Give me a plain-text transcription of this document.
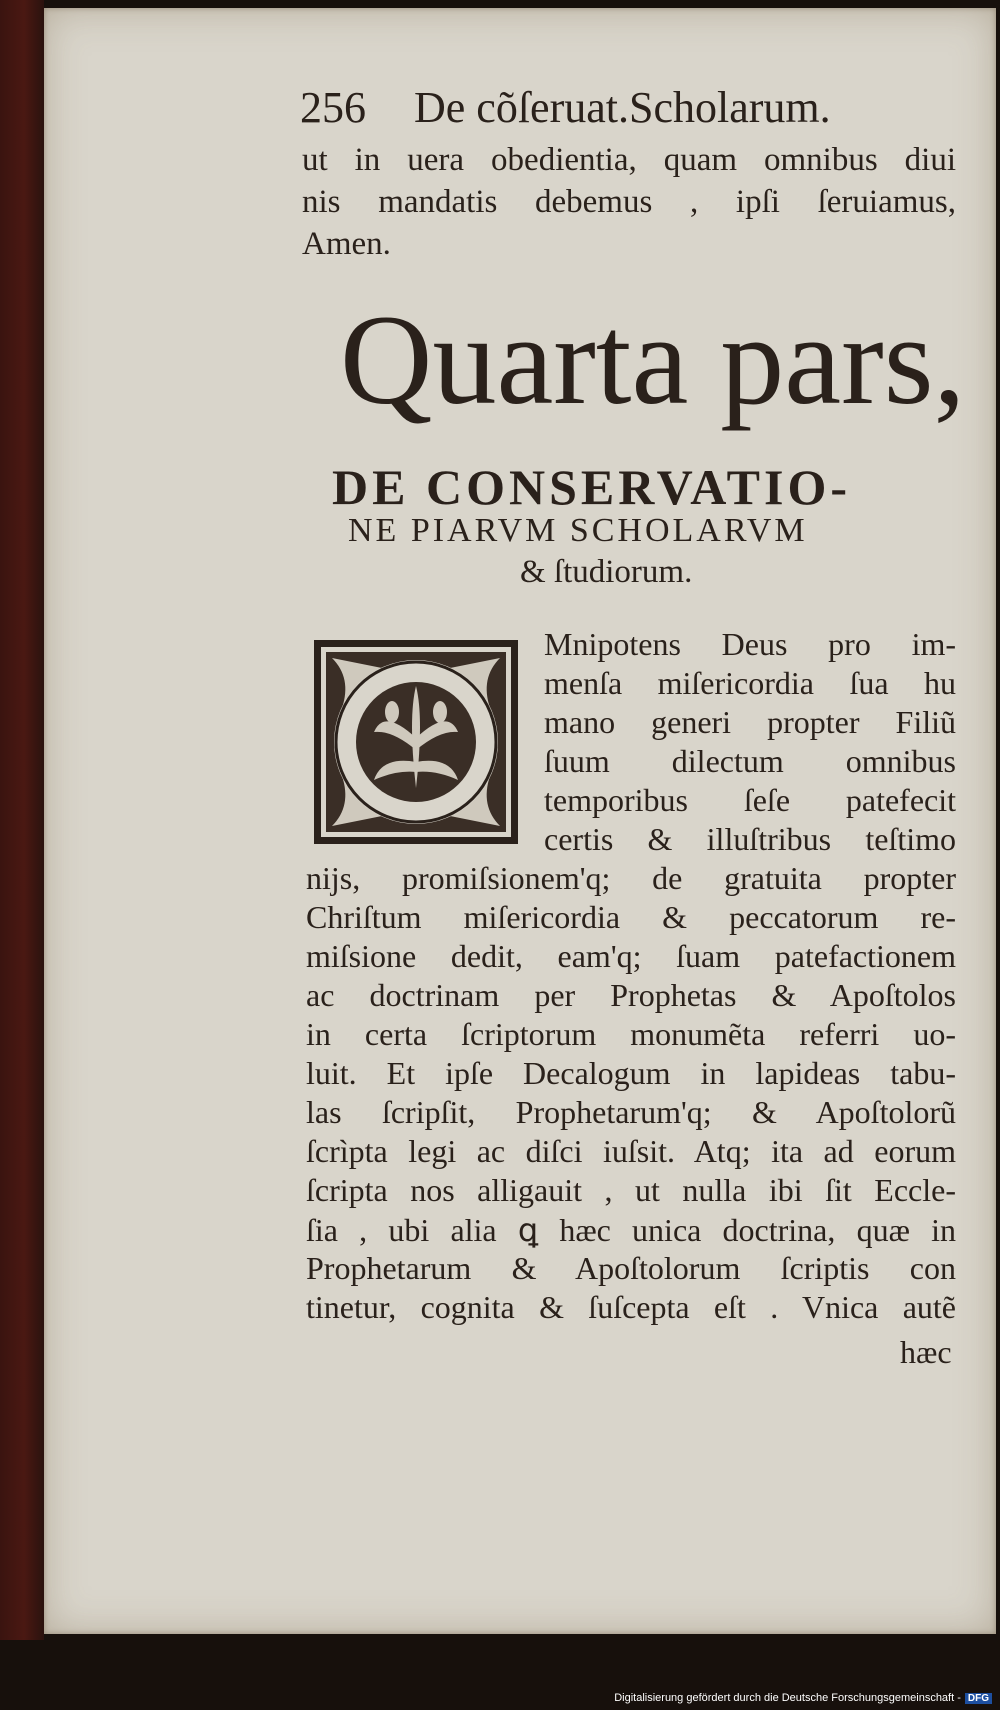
256 De cõſeruat.Scholarum.
ut in uera obedientia, quam omnibus diui
nis mandatis debemus , ipſi ſeruiamus,
Amen.
Quarta pars,
DE CONSERVATIO-
NE PIARVM SCHOLARVM
& ſtudiorum.
Mnipotens Deus pro im-
menſa miſericordia ſua hu
mano generi propter Filiũ
ſuum dilectum omnibus
temporibus ſeſe patefecit
certis & illuſtribus teſtimo
nijs, promiſsionem'q; de gratuita propter
Chriſtum miſericordia & peccatorum re-
miſsione dedit, eam'q; ſuam patefactionem
ac doctrinam per Prophetas & Apoſtolos
in certa ſcriptorum monumẽta referri uo-
luit. Et ipſe Decalogum in lapideas tabu-
las ſcripſit, Prophetarum'q; & Apoſtolorũ
ſcrìpta legi ac diſci iuſsit. Atq; ita ad eorum
ſcripta nos alligauit , ut nulla ibi ſit Eccle-
ſia , ubi alia ꝗ hæc unica doctrina, quæ in
Prophetarum & Apoſtolorum ſcriptis con
tinetur, cognita & ſuſcepta eſt . Vnica autẽ
hæc
Digitalisierung gefördert durch die Deutsche Forschungsgemeinschaft - DFG
